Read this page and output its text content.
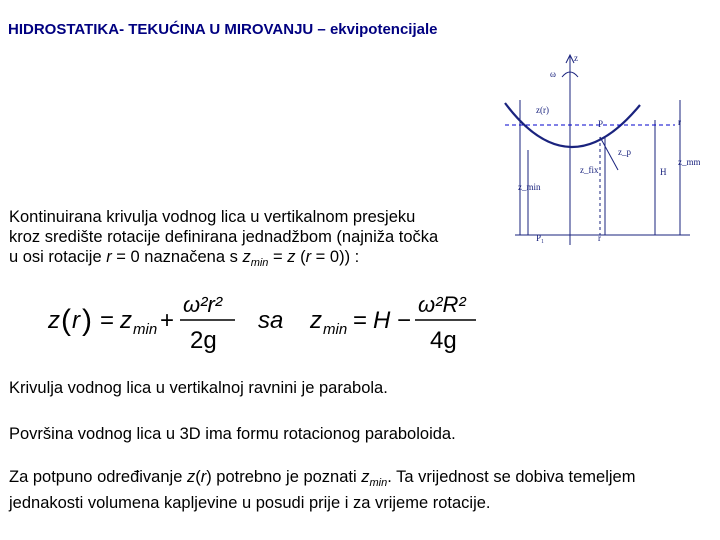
HIDROSTATIKA- TEKUĆINA U MIROVANJU – ekvipotencijale
ω
z
z(r)
P
z_p
z_fix
z_min
H
z_mm
P₁	r
r
Kontinuirana krivulja vodnog lica u vertikalnom presjeku
kroz središte rotacije definirana jednadžbom (najniža točka
u osi rotacije r = 0 naznačena s $z_{min} = z$ (r = 0)) :
z ( r ) = z min +
ω²r²
2g
sa z min = H −
ω²R²
4g

Krivulja vodnog lica u vertikalnoj ravnini je parabola.

Površina vodnog lica u 3D ima formu rotacionog paraboloida.

Za potpuno određivanje z(r) potrebno je poznati $z_{min}$. Ta vrijednost se dobiva temeljem
jednakosti volumena kapljevine u posudi prije i za vrijeme rotacije.
